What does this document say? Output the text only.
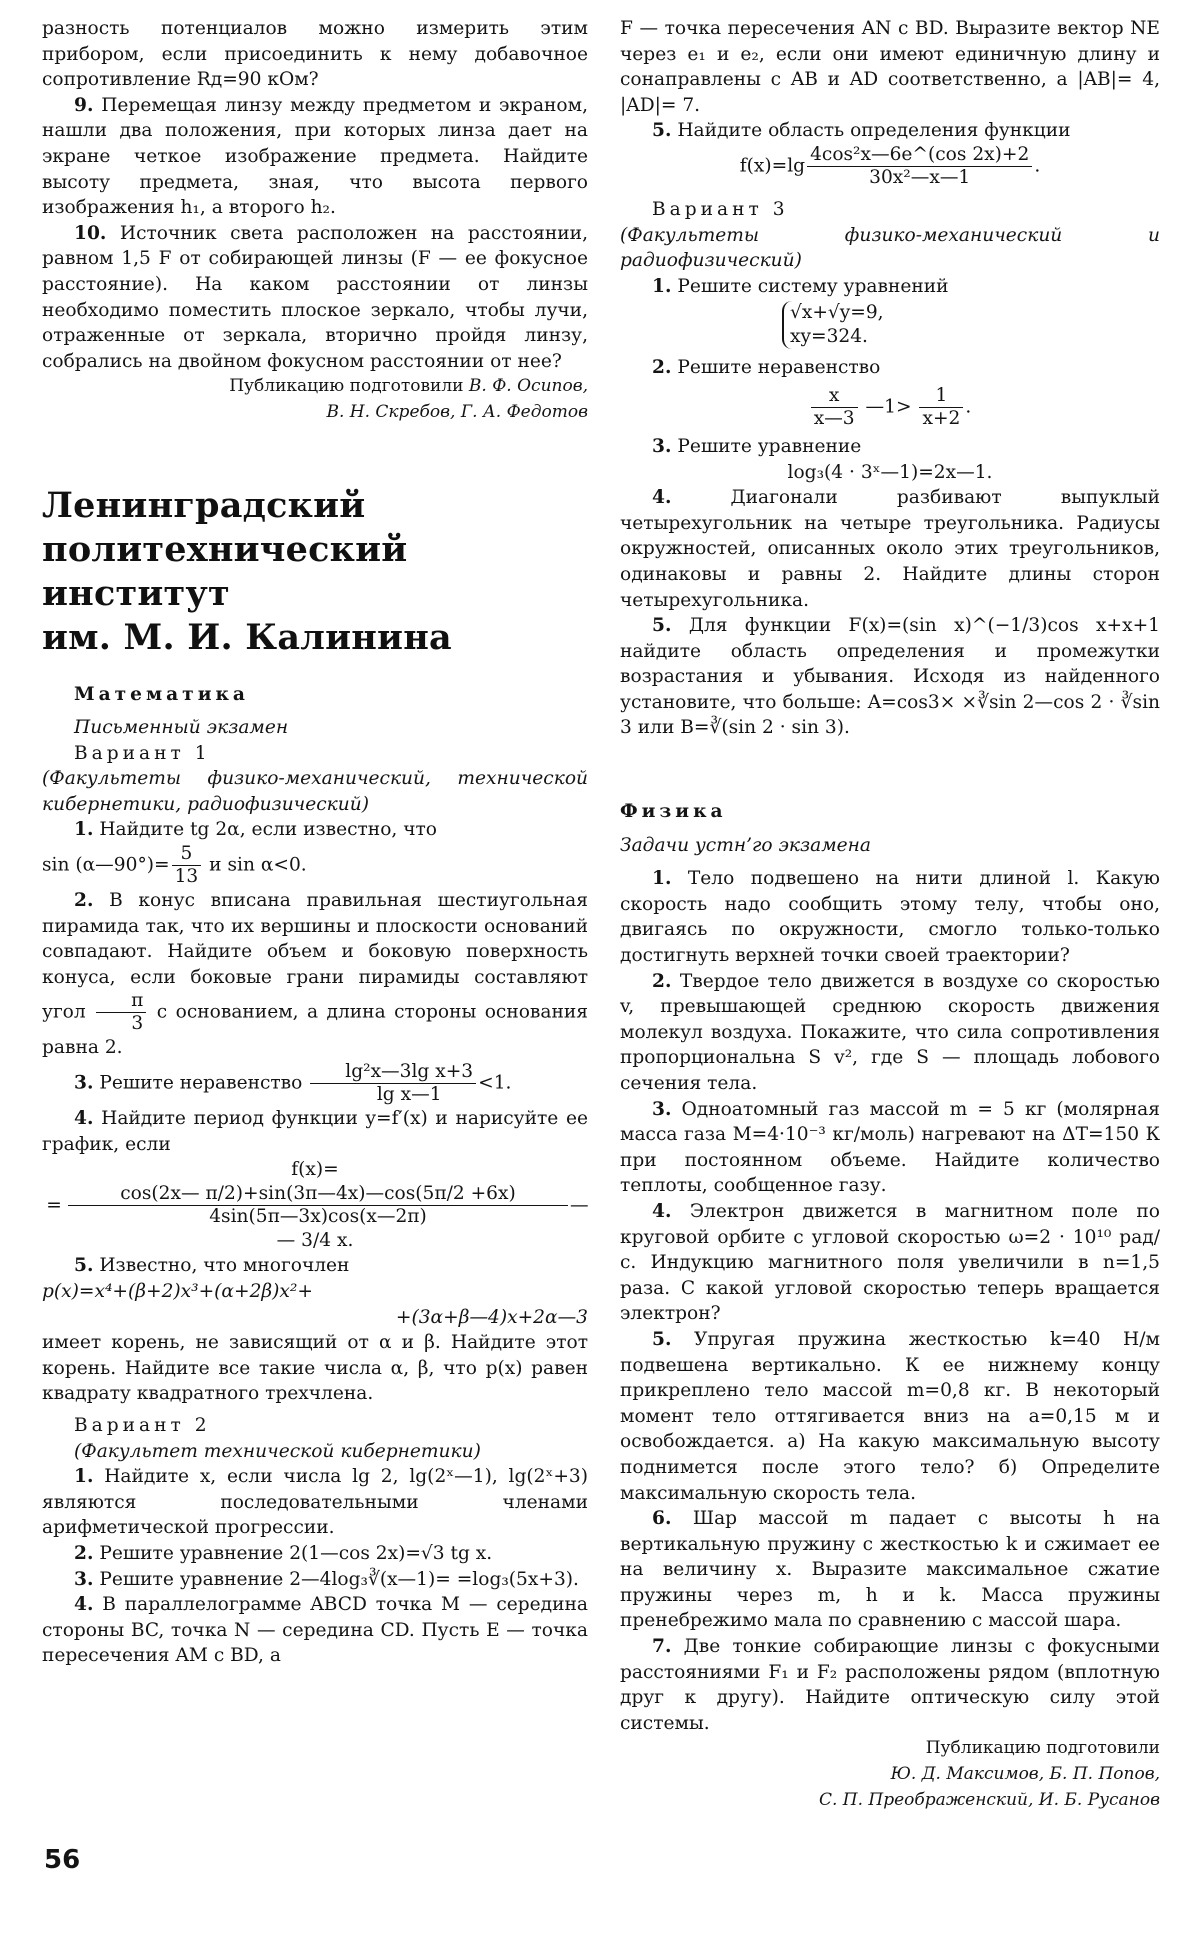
разность потенциалов можно измерить этим прибором, если присоединить к нему добавочное сопротивление Rд=90 кОм?

9. Перемещая линзу между предметом и экраном, нашли два положения, при которых линза дает на экране четкое изображение предмета. Найдите высоту предмета, зная, что высота первого изображения h₁, а второго h₂.

10. Источник света расположен на расстоянии, равном 1,5 F от собирающей линзы (F — ее фокусное расстояние). На каком расстоянии от линзы необходимо поместить плоское зеркало, чтобы лучи, отраженные от зеркала, вторично пройдя линзу, собрались на двойном фокусном расстоянии от нее?

Публикацию подготовили В. Ф. Осипов,

В. Н. Скребов, Г. А. Федотов

Ленинградский
политехнический
институт
им. М. И. Калинина

Математика

Письменный экзамен

Вариант 1

(Факультеты физико-механический, технической кибернетики, радиофизический)

1. Найдите tg 2α, если известно, что

sin (α—90°)= $\frac{5}{13}$ и sin α<0.

2. В конус вписана правильная шестиугольная пирамида так, что их вершины и плоскости оснований совпадают. Найдите объем и боковую поверхность конуса, если боковые грани пирамиды составляют угол $\frac{\pi}{3}$ с основанием, а длина стороны основания равна 2.

3. Решите неравенство $\frac{\text{lg²x—3lg x+3}}{\text{lg x—1}} <1$.

4. Найдите период функции y=f′(x) и нарисуйте ее график, если

f(x)=

= $\frac{\cos(2x— \pi/2)+\sin(3\pi—4x)—\cos(5\pi/2 +6x)}{4\sin(5\pi—3x)\cos(x—2\pi)}$ —

— 3/4 x.

5. Известно, что многочлен

p(x)=x⁴+(β+2)x³+(α+2β)x²+

+(3α+β—4)x+2α—3

имеет корень, не зависящий от α и β. Найдите этот корень. Найдите все такие числа α, β, что p(x) равен квадрату квадратного трехчлена.

Вариант 2

(Факультет технической кибернетики)

1. Найдите x, если числа lg 2, lg(2ˣ—1), lg(2ˣ+3) являются последовательными членами арифметической прогрессии.

2. Решите уравнение 2(1—cos 2x)=√3 tg x.

3. Решите уравнение 2—4log₃∛(x—1)= =log₃(5x+3).

4. В параллелограмме ABCD точка M — середина стороны BC, точка N — середина CD. Пусть E — точка пересечения AM с BD, а

F — точка пересечения AN с BD. Выразите вектор NE через e₁ и e₂, если они имеют единичную длину и сонаправлены с AB и AD соответственно, а |AB|= 4, |AD|= 7.

5. Найдите область определения функции

$f(x)=\lg \frac{\text{4cos²x—6e\textasciicircum{}(cos 2x)+2}}{\text{30x²—x—1}}$ .

Вариант 3

(Факультеты физико-механический и радиофизический)

1. Решите систему уравнений

√x+√y=9,
xy=324.

2. Решите неравенство

$\frac{x}{x—3}$ —1> $\frac{1}{x+2}$ .

3. Решите уравнение

log₃(4 · 3ˣ—1)=2x—1.

4. Диагонали разбивают выпуклый четырехугольник на четыре треугольника. Радиусы окружностей, описанных около этих треугольников, одинаковы и равны 2. Найдите длины сторон четырехугольника.

5. Для функции F(x)=(sin x)^(−1/3)cos x+x+1 найдите область определения и промежутки возрастания и убывания. Исходя из найденного установите, что больше: A=cos3× ×∛sin 2—cos 2 · ∛sin 3 или B=∛(sin 2 · sin 3).

Физика

Задачи устн’го экзамена

1. Тело подвешено на нити длиной l. Какую скорость надо сообщить этому телу, чтобы оно, двигаясь по окружности, смогло только-только достигнуть верхней точки своей траектории?

2. Твердое тело движется в воздухе со скоростью v, превышающей среднюю скорость движения молекул воздуха. Покажите, что сила сопротивления пропорциональна S v², где S — площадь лобового сечения тела.

3. Одноатомный газ массой m = 5 кг (молярная масса газа M=4·10⁻³ кг/моль) нагревают на ΔT=150 К при постоянном объеме. Найдите количество теплоты, сообщенное газу.

4. Электрон движется в магнитном поле по круговой орбите с угловой скоростью ω=2 · 10¹⁰ рад/с. Индукцию магнитного поля увеличили в n=1,5 раза. С какой угловой скоростью теперь вращается электрон?

5. Упругая пружина жесткостью k=40 Н/м подвешена вертикально. К ее нижнему концу прикреплено тело массой m=0,8 кг. В некоторый момент тело оттягивается вниз на a=0,15 м и освобождается. а) На какую максимальную высоту поднимется после этого тело? б) Определите максимальную скорость тела.

6. Шар массой m падает с высоты h на вертикальную пружину с жесткостью k и сжимает ее на величину x. Выразите максимальное сжатие пружины через m, h и k. Масса пружины пренебрежимо мала по сравнению с массой шара.

7. Две тонкие собирающие линзы с фокусными расстояниями F₁ и F₂ расположены рядом (вплотную друг к другу). Найдите оптическую силу этой системы.

Публикацию подготовили

Ю. Д. Максимов, Б. П. Попов,

С. П. Преображенский, И. Б. Русанов

56
